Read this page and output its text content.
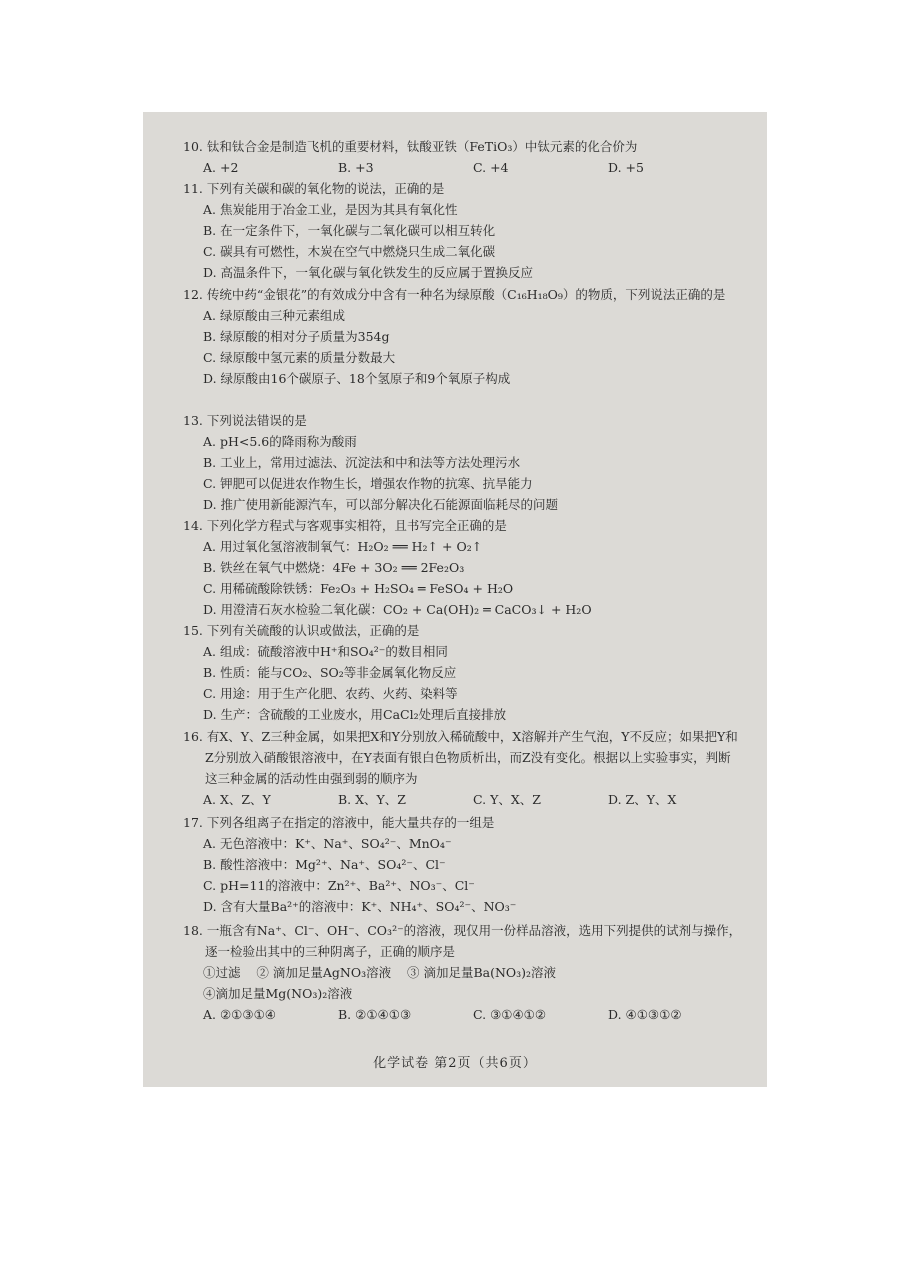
10. 钛和钛合金是制造飞机的重要材料，钛酸亚铁（FeTiO₃）中钛元素的化合价为
A. +2	B. +3	C. +4	D. +5
11. 下列有关碳和碳的氧化物的说法，正确的是
A. 焦炭能用于冶金工业，是因为其具有氧化性
B. 在一定条件下，一氧化碳与二氧化碳可以相互转化
C. 碳具有可燃性，木炭在空气中燃烧只生成二氧化碳
D. 高温条件下，一氧化碳与氧化铁发生的反应属于置换反应
12. 传统中药“金银花”的有效成分中含有一种名为绿原酸（C₁₆H₁₈O₉）的物质，下列说法正确的是
A. 绿原酸由三种元素组成
B. 绿原酸的相对分子质量为354g
C. 绿原酸中氢元素的质量分数最大
D. 绿原酸由16个碳原子、18个氢原子和9个氧原子构成
13. 下列说法错误的是
A. pH<5.6的降雨称为酸雨
B. 工业上，常用过滤法、沉淀法和中和法等方法处理污水
C. 钾肥可以促进农作物生长，增强农作物的抗寒、抗旱能力
D. 推广使用新能源汽车，可以部分解决化石能源面临耗尽的问题
14. 下列化学方程式与客观事实相符，且书写完全正确的是
A. 用过氧化氢溶液制氧气：H₂O₂ ══ H₂↑ + O₂↑
B. 铁丝在氧气中燃烧：4Fe + 3O₂ ══ 2Fe₂O₃
C. 用稀硫酸除铁锈：Fe₂O₃ + H₂SO₄ ═ FeSO₄ + H₂O
D. 用澄清石灰水检验二氧化碳：CO₂ + Ca(OH)₂ ═ CaCO₃↓ + H₂O
15. 下列有关硫酸的认识或做法，正确的是
A. 组成：硫酸溶液中H⁺和SO₄²⁻的数目相同
B. 性质：能与CO₂、SO₂等非金属氧化物反应
C. 用途：用于生产化肥、农药、火药、染料等
D. 生产：含硫酸的工业废水，用CaCl₂处理后直接排放
16. 有X、Y、Z三种金属，如果把X和Y分别放入稀硫酸中，X溶解并产生气泡，Y不反应；如果把Y和Z分别放入硝酸银溶液中，在Y表面有银白色物质析出，而Z没有变化。根据以上实验事实，判断这三种金属的活动性由强到弱的顺序为
A. X、Z、Y	B. X、Y、Z	C. Y、X、Z	D. Z、Y、X
17. 下列各组离子在指定的溶液中，能大量共存的一组是
A. 无色溶液中：K⁺、Na⁺、SO₄²⁻、MnO₄⁻
B. 酸性溶液中：Mg²⁺、Na⁺、SO₄²⁻、Cl⁻
C. pH=11的溶液中：Zn²⁺、Ba²⁺、NO₃⁻、Cl⁻
D. 含有大量Ba²⁺的溶液中：K⁺、NH₄⁺、SO₄²⁻、NO₃⁻
18. 一瓶含有Na⁺、Cl⁻、OH⁻、CO₃²⁻的溶液，现仅用一份样品溶液，选用下列提供的试剂与操作，逐一检验出其中的三种阴离子，正确的顺序是
①过滤    ② 滴加足量AgNO₃溶液    ③ 滴加足量Ba(NO₃)₂溶液
④滴加足量Mg(NO₃)₂溶液
A. ②①③①④	B. ②①④①③	C. ③①④①②	D. ④①③①②
化学试卷 第2页（共6页）
